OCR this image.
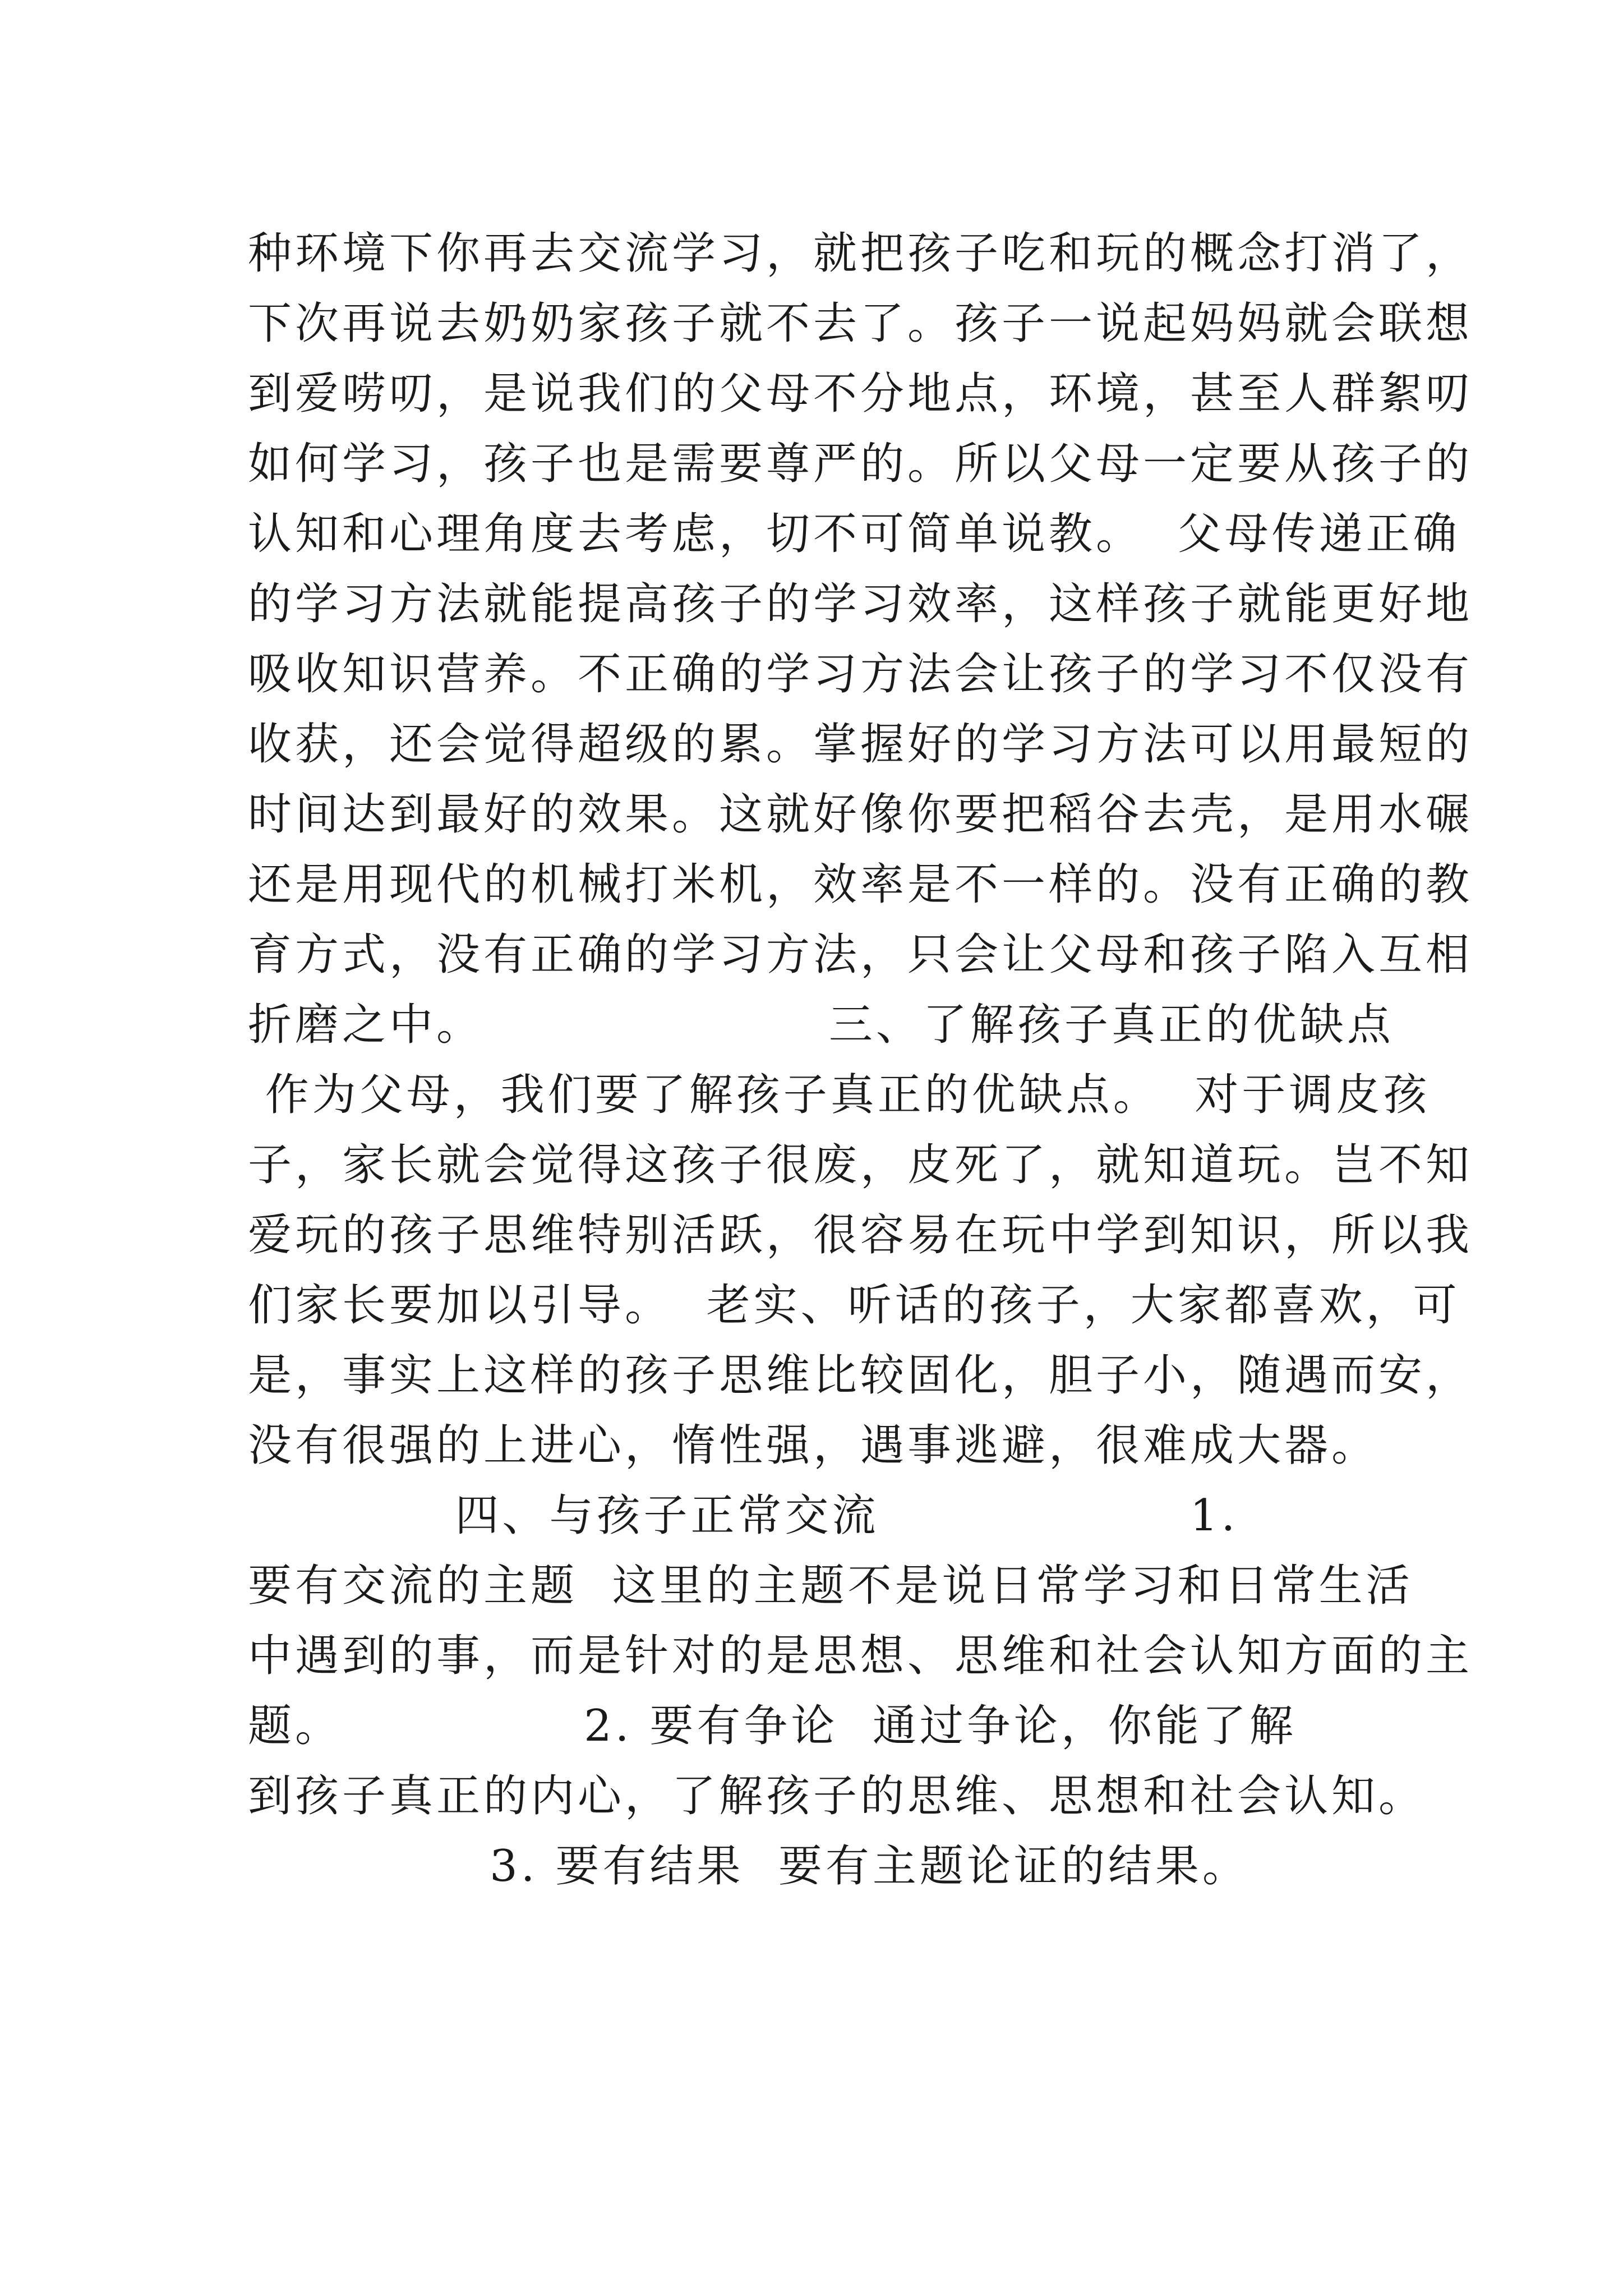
种环境下你再去交流学习，就把孩子吃和玩的概念打消了，
下次再说去奶奶家孩子就不去了。孩子一说起妈妈就会联想
到爱唠叨，是说我们的父母不分地点，环境，甚至人群絮叨
如何学习，孩子也是需要尊严的。所以父母一定要从孩子的
认知和心理角度去考虑，切不可简单说教。  父母传递正确
的学习方法就能提高孩子的学习效率，这样孩子就能更好地
吸收知识营养。不正确的学习方法会让孩子的学习不仅没有
收获，还会觉得超级的累。掌握好的学习方法可以用最短的
时间达到最好的效果。这就好像你要把稻谷去壳，是用水碾
还是用现代的机械打米机，效率是不一样的。没有正确的教
育方式，没有正确的学习方法，只会让父母和孩子陷入互相
折磨之中。                    三、了解孩子真正的优缺点
作为父母，我们要了解孩子真正的优缺点。  对于调皮孩
子，家长就会觉得这孩子很废，皮死了，就知道玩。岂不知
爱玩的孩子思维特别活跃，很容易在玩中学到知识，所以我
们家长要加以引导。  老实、听话的孩子，大家都喜欢，可
是，事实上这样的孩子思维比较固化，胆子小，随遇而安，
没有很强的上进心，惰性强，遇事逃避，很难成大器。
四、与孩子正常交流                  1.
要有交流的主题  这里的主题不是说日常学习和日常生活
中遇到的事，而是针对的是思想、思维和社会认知方面的主
题。              2. 要有争论  通过争论，你能了解
到孩子真正的内心，了解孩子的思维、思想和社会认知。
3. 要有结果  要有主题论证的结果。
